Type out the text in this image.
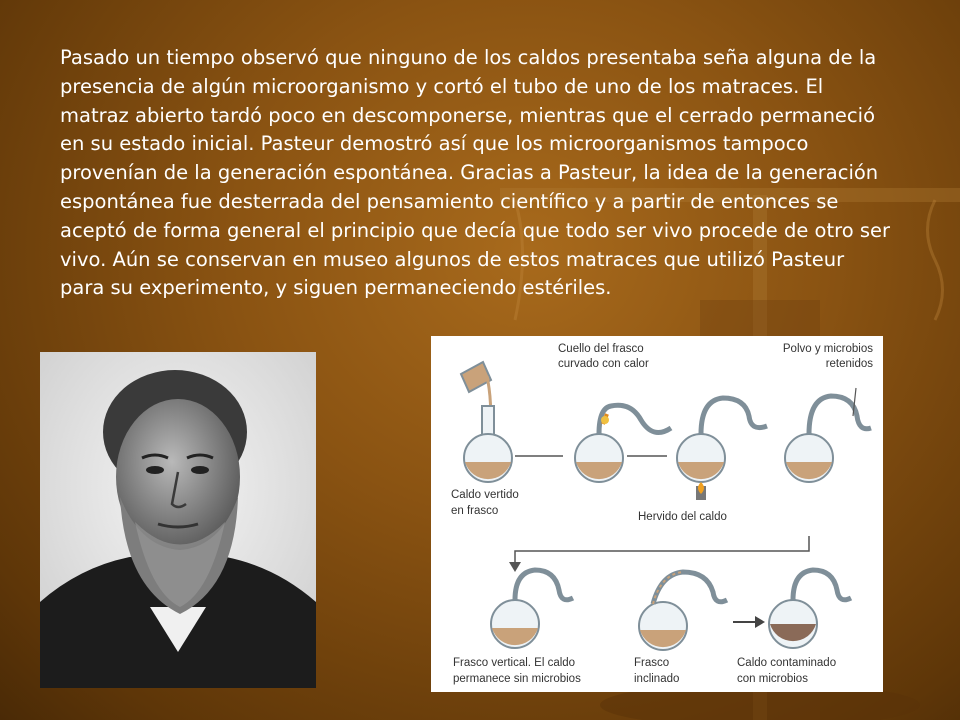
Pasado un tiempo observó que ninguno de los caldos presentaba seña alguna de la presencia de algún microorganismo y cortó el tubo de uno de los matraces. El matraz abierto tardó poco en descomponerse, mientras que el cerrado permaneció en su estado inicial. Pasteur demostró así que los microorganismos tampoco provenían de la generación espontánea. Gracias a Pasteur, la idea de la generación espontánea fue desterrada del pensamiento científico y a partir de entonces se aceptó de forma general el principio que decía que todo ser vivo procede de otro ser vivo. Aún se conservan en museo algunos de estos matraces que utilizó Pasteur para su experimento, y siguen permaneciendo estériles.

Cuello del frasco
curvado con calor
Polvo y microbios
retenidos
Caldo vertido
en frasco	Hervido del caldo
Frasco vertical. El caldo
permanece sin microbios
Frasco
inclinado
Caldo contaminado
con microbios
